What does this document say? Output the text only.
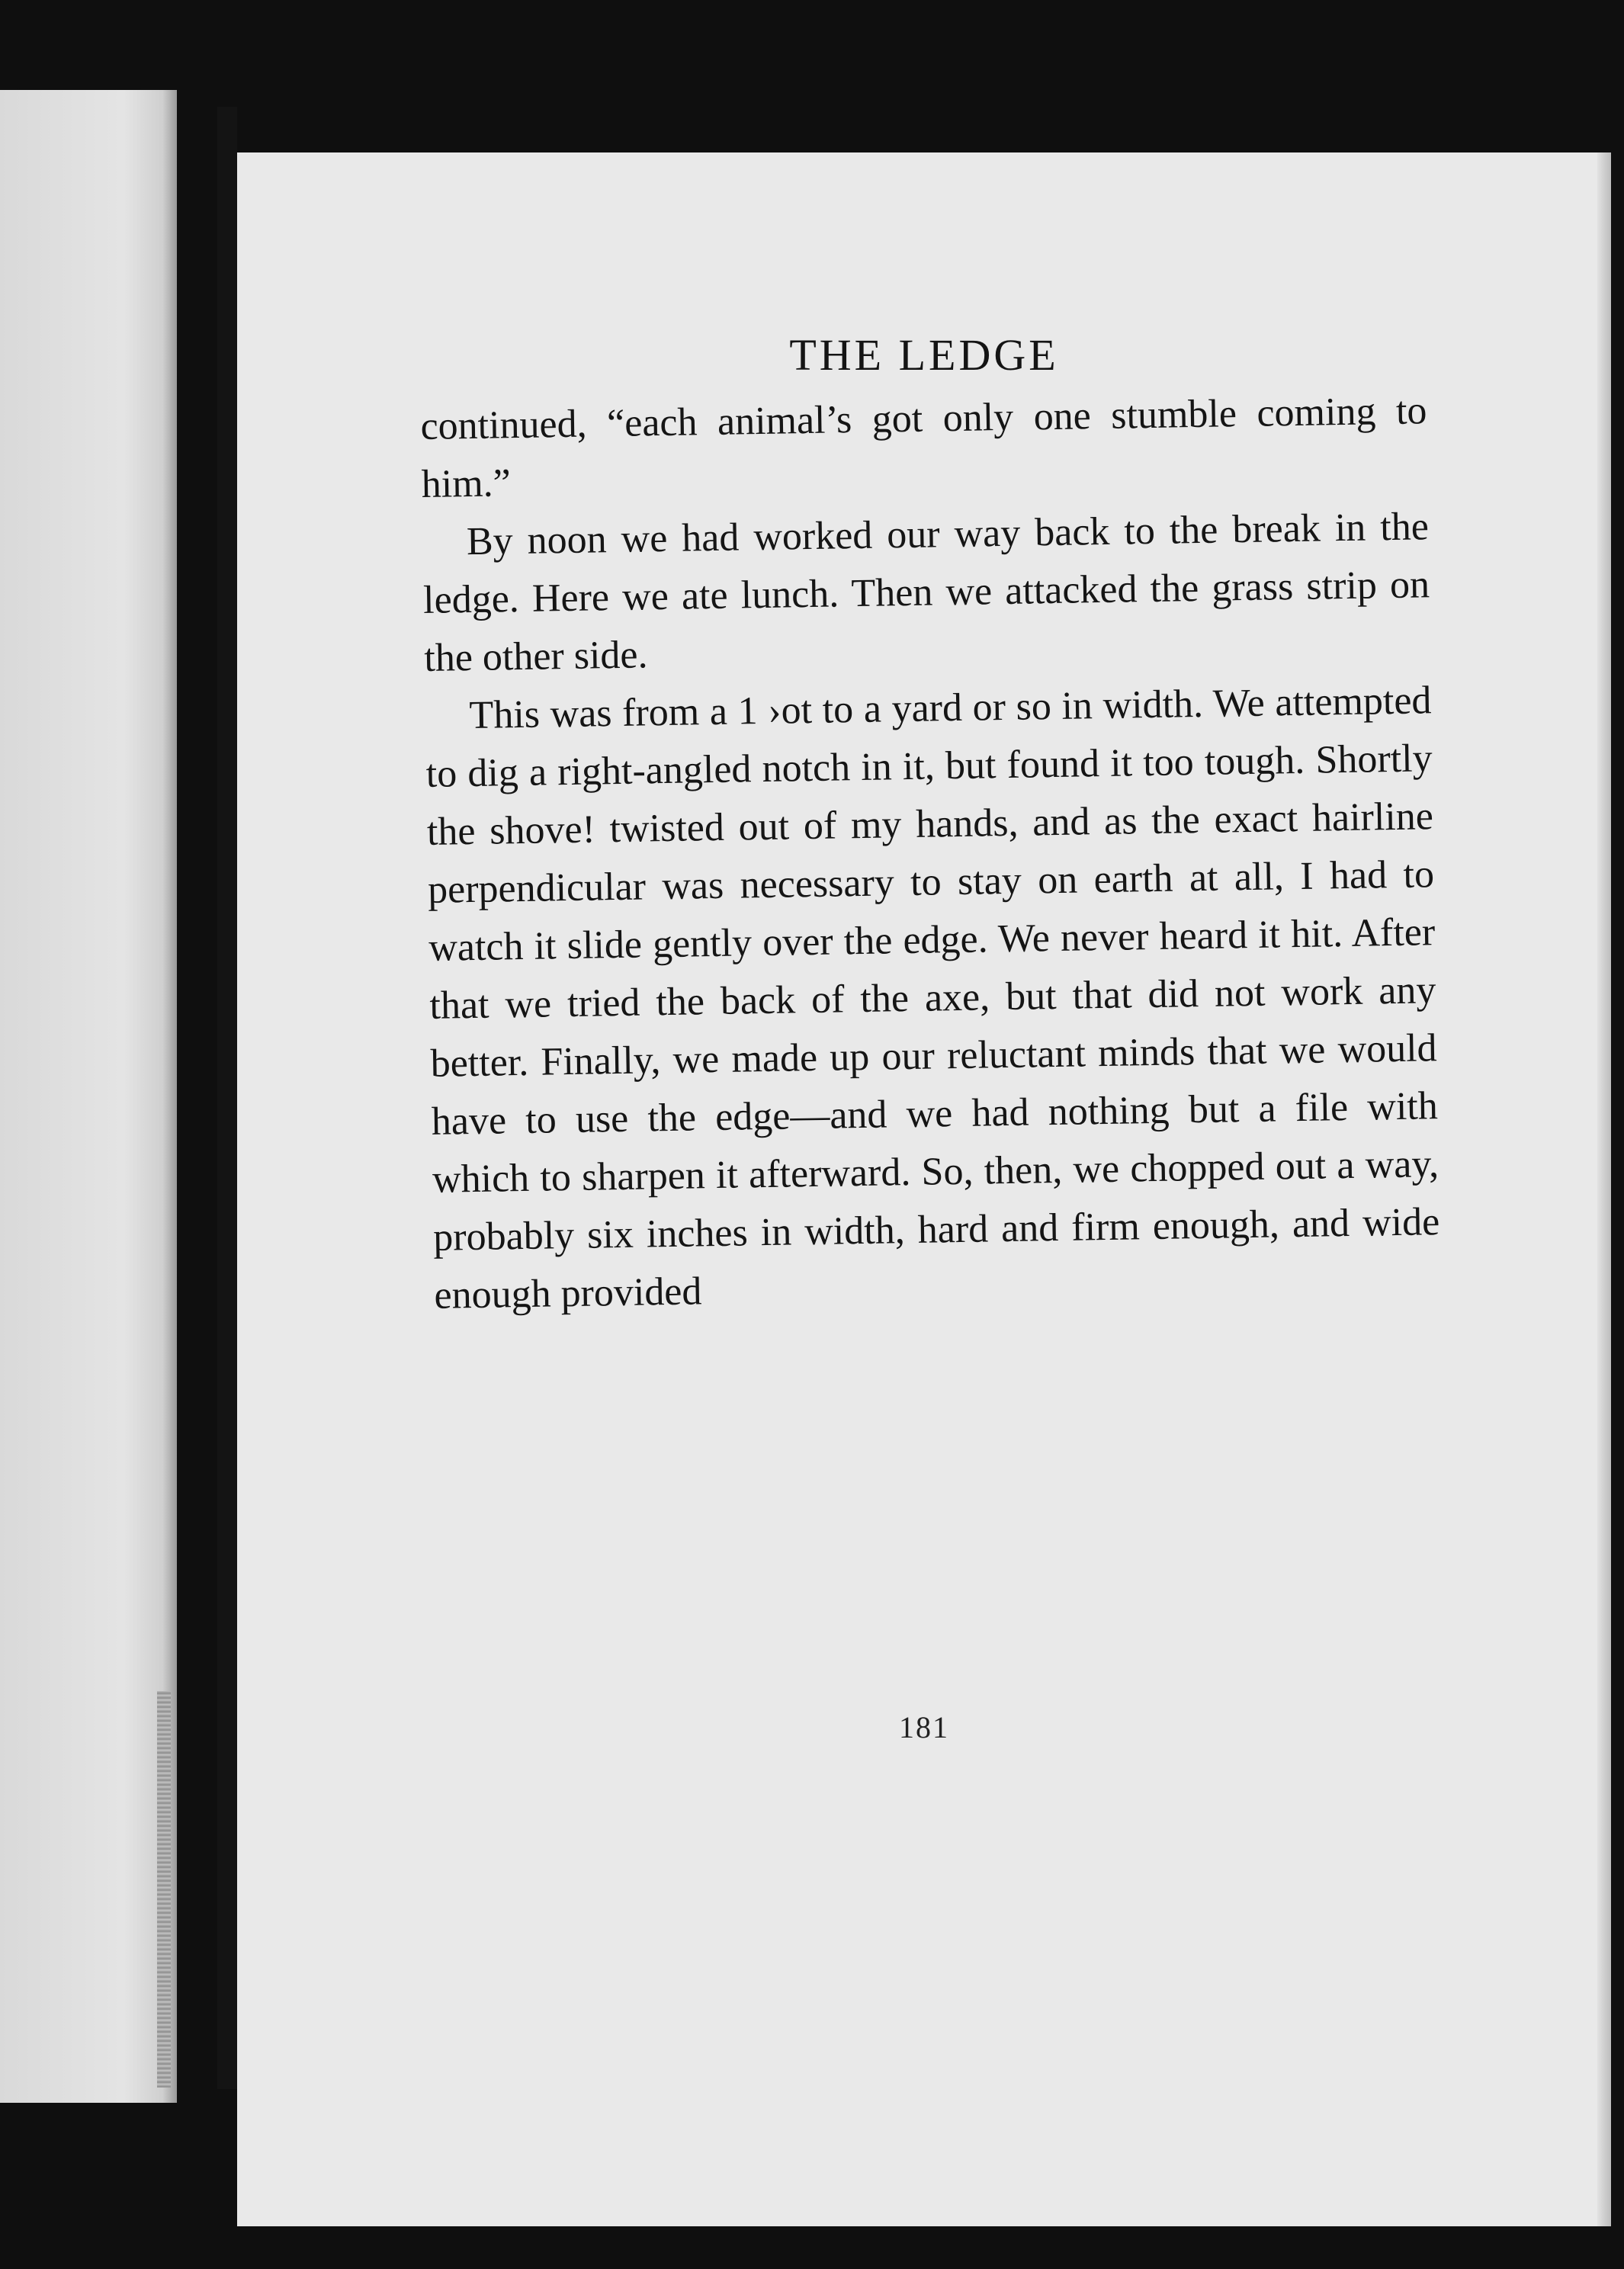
THE LEDGE

continued, “each animal’s got only one stumble coming to him.”

By noon we had worked our way back to the break in the ledge. Here we ate lunch. Then we attacked the grass strip on the other side.

This was from a 1 ›ot to a yard or so in width. We attempted to dig a right-angled notch in it, but found it too tough. Shortly the shove! twisted out of my hands, and as the exact hairline perpendicular was necessary to stay on earth at all, I had to watch it slide gently over the edge. We never heard it hit. After that we tried the back of the axe, but that did not work any better. Finally, we made up our reluctant minds that we would have to use the edge—and we had nothing but a file with which to sharpen it afterward. So, then, we chopped out a way, probably six inches in width, hard and firm enough, and wide enough provided

181
